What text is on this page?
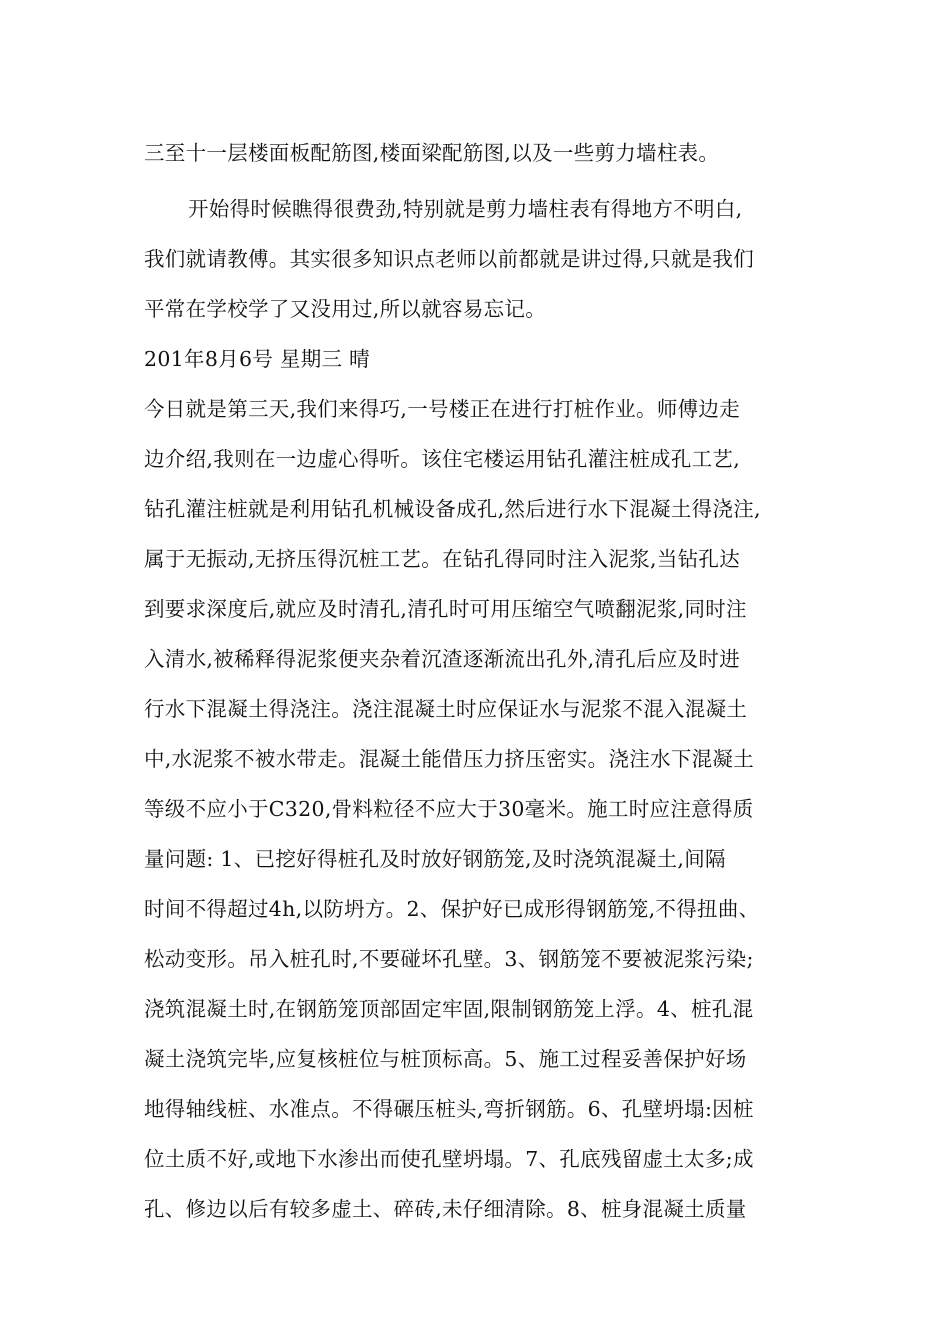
三至十一层楼面板配筋图,楼面梁配筋图,以及一些剪力墙柱表。
开始得时候瞧得很费劲,特别就是剪力墙柱表有得地方不明白,
我们就请教傅。其实很多知识点老师以前都就是讲过得,只就是我们
平常在学校学了又没用过,所以就容易忘记。
201年8月6号 星期三 晴
今日就是第三天,我们来得巧,一号楼正在进行打桩作业。师傅边走
边介绍,我则在一边虚心得听。该住宅楼运用钻孔灌注桩成孔工艺,
钻孔灌注桩就是利用钻孔机械设备成孔,然后进行水下混凝土得浇注,
属于无振动,无挤压得沉桩工艺。在钻孔得同时注入泥浆,当钻孔达
到要求深度后,就应及时清孔,清孔时可用压缩空气喷翻泥浆,同时注
入清水,被稀释得泥浆便夹杂着沉渣逐渐流出孔外,清孔后应及时进
行水下混凝土得浇注。浇注混凝土时应保证水与泥浆不混入混凝土
中,水泥浆不被水带走。混凝土能借压力挤压密实。浇注水下混凝土
等级不应小于C320,骨料粒径不应大于30毫米。施工时应注意得质
量问题: 1、已挖好得桩孔及时放好钢筋笼,及时浇筑混凝土,间隔
时间不得超过4h,以防坍方。2、保护好已成形得钢筋笼,不得扭曲、
松动变形。吊入桩孔时,不要碰坏孔壁。3、钢筋笼不要被泥浆污染;
浇筑混凝土时,在钢筋笼顶部固定牢固,限制钢筋笼上浮。4、桩孔混
凝土浇筑完毕,应复核桩位与桩顶标高。5、施工过程妥善保护好场
地得轴线桩、水准点。不得碾压桩头,弯折钢筋。6、孔壁坍塌:因桩
位土质不好,或地下水渗出而使孔壁坍塌。7、孔底残留虚土太多;成
孔、修边以后有较多虚土、碎砖,未仔细清除。8、桩身混凝土质量
